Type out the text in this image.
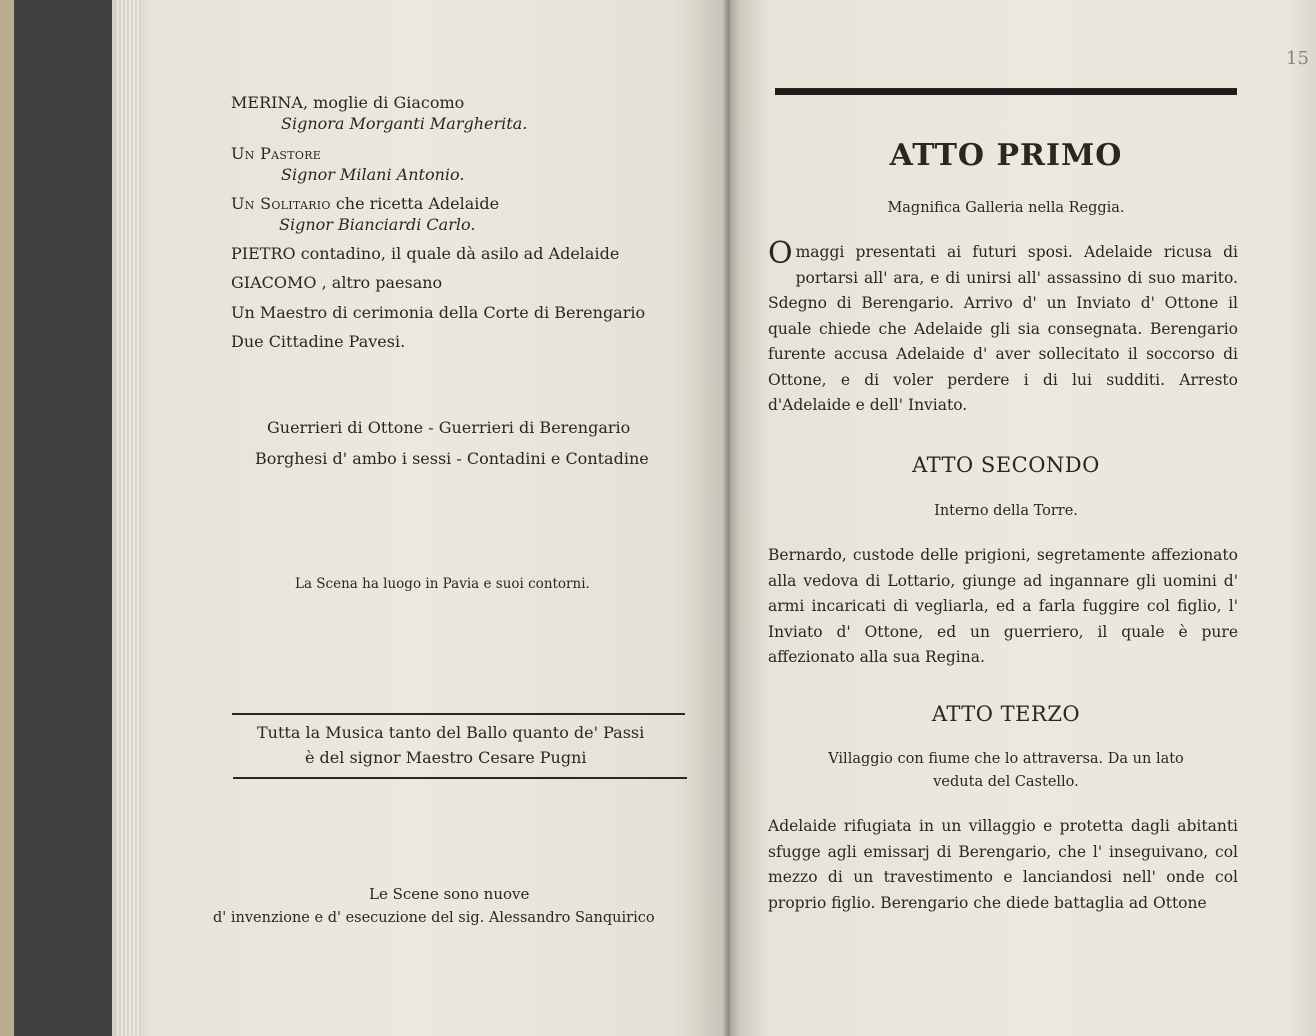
MERINA, moglie di Giacomo
Signora Morganti Margherita.
Un Pastore
Signor Milani Antonio.
Un Solitario che ricetta Adelaide
Signor Bianciardi Carlo.
PIETRO contadino, il quale dà asilo ad Adelaide
GIACOMO , altro paesano
Un Maestro di cerimonia della Corte di Berengario
Due Cittadine Pavesi.
Guerrieri di Ottone - Guerrieri di Berengario
Borghesi d' ambo i sessi - Contadini e Contadine
La Scena ha luogo in Pavia e suoi contorni.
Tutta la Musica tanto del Ballo quanto de' Passi
è del signor Maestro Cesare Pugni
Le Scene sono nuove
d' invenzione e d' esecuzione del sig. Alessandro Sanquirico
15
ATTO PRIMO
Magnifica Galleria nella Reggia.
Omaggi presentati ai futuri sposi. Adelaide ricusa di portarsi all' ara, e di unirsi all' assassino di suo marito. Sdegno di Berengario. Arrivo d' un Inviato d' Ottone il quale chiede che Adelaide gli sia consegnata. Berengario furente accusa Adelaide d' aver sollecitato il soccorso di Ottone, e di voler perdere i di lui sudditi. Arresto d'Adelaide e dell' Inviato.
ATTO SECONDO
Interno della Torre.
Bernardo, custode delle prigioni, segretamente affezionato alla vedova di Lottario, giunge ad ingannare gli uomini d' armi incaricati di vegliarla, ed a farla fuggire col figlio, l' Inviato d' Ottone, ed un guerriero, il quale è pure affezionato alla sua Regina.
ATTO TERZO
Villaggio con fiume che lo attraversa. Da un lato
veduta del Castello.
Adelaide rifugiata in un villaggio e protetta dagli abitanti sfugge agli emissarj di Berengario, che l' inseguivano, col mezzo di un travestimento e lanciandosi nell' onde col proprio figlio. Berengario che diede battaglia ad Ottone
